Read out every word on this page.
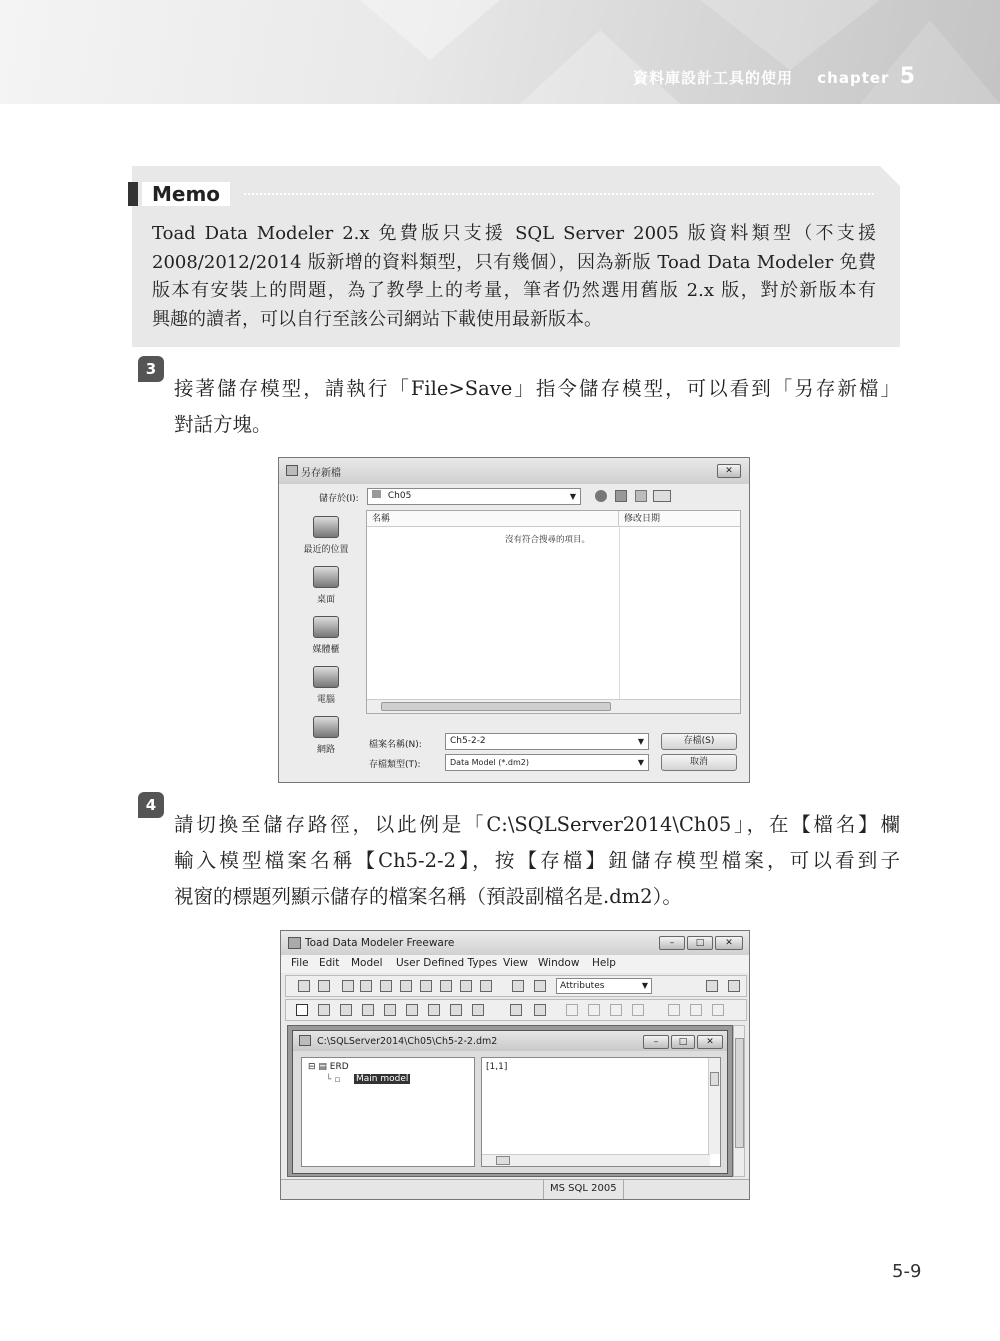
資料庫設計工具的使用 chapter 5
Memo

Toad Data Modeler 2.x 免費版只支援 SQL Server 2005 版資料類型（不支援

2008/2012/2014 版新增的資料類型，只有幾個），因為新版 Toad Data Modeler 免費

版本有安裝上的問題，為了教學上的考量，筆者仍然選用舊版 2.x 版，對於新版本有

興趣的讀者，可以自行至該公司網站下載使用最新版本。

3

接著儲存模型，請執行「File>Save」指令儲存模型，可以看到「另存新檔」

對話方塊。

另存新檔	✕
儲存於(I):	Ch05	▼
最近的位置
桌面
媒體櫃
電腦
網路
名稱	修改日期
沒有符合搜尋的項目。
檔案名稱(N):	Ch5-2-2	▼
存檔類型(T):	Data Model (*.dm2)	▼
存檔(S)
取消
4

請切換至儲存路徑，以此例是「C:\SQLServer2014\Ch05」，在【檔名】欄

輸入模型檔案名稱【Ch5-2-2】，按【存檔】鈕儲存模型檔案，可以看到子

視窗的標題列顯示儲存的檔案名稱（預設副檔名是.dm2）。

Toad Data Modeler Freeware	–	□	✕
File Edit Model User Defined Types View Window Help
Attributes	▼
C:\SQLServer2014\Ch05\Ch5-2-2.dm2	–	□	✕
⊟ ▤ ERD
└ ▫ Main model
[1,1]
MS SQL 2005
5-9
